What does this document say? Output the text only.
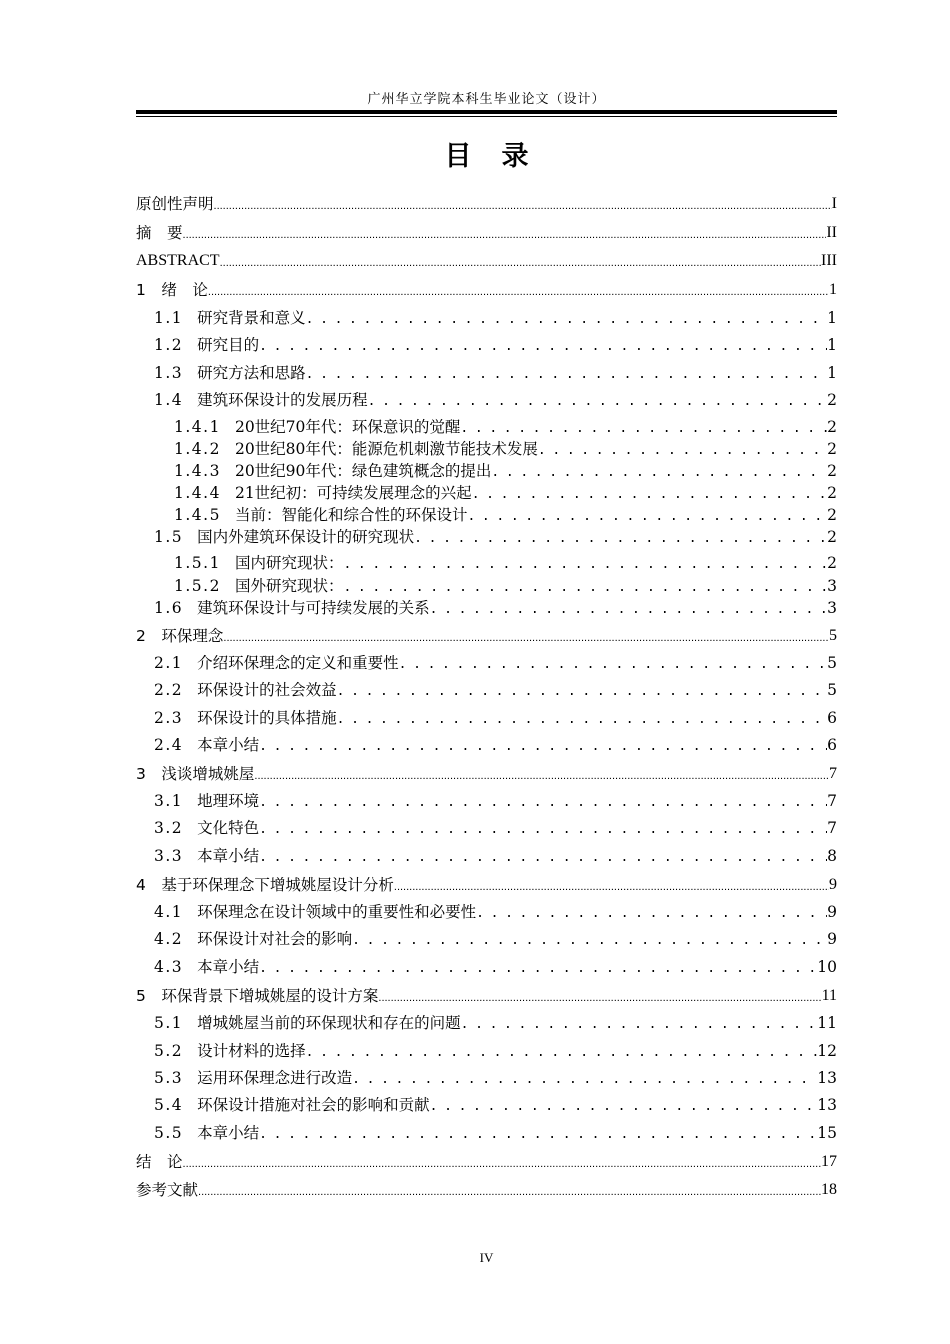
广州华立学院本科生毕业论文（设计）
目录
原创性声明 .....	I
摘　要 .....	II
ABSTRACT .....	III
1 绪　论 .....	1
1.1 研究背景和意义 . . .	1
1.2 研究目的 . . .	1
1.3 研究方法和思路 . . .	1
1.4 建筑环保设计的发展历程 . . .	2
1.4.1 20世纪70年代：环保意识的觉醒 . . .	2
1.4.2 20世纪80年代：能源危机刺激节能技术发展 . . .	2
1.4.3 20世纪90年代：绿色建筑概念的提出 . . .	2
1.4.4 21世纪初：可持续发展理念的兴起 . . .	2
1.4.5 当前：智能化和综合性的环保设计 . . .	2
1.5 国内外建筑环保设计的研究现状 . . .	2
1.5.1 国内研究现状： . . .	2
1.5.2 国外研究现状： . . .	3
1.6 建筑环保设计与可持续发展的关系 . . .	3
2 环保理念 .....	5
2.1 介绍环保理念的定义和重要性 . . .	5
2.2 环保设计的社会效益 . . .	5
2.3 环保设计的具体措施 . . .	6
2.4 本章小结 . . .	6
3 浅谈增城姚屋 .....	7
3.1 地理环境 . . .	7
3.2 文化特色 . . .	7
3.3 本章小结 . . .	8
4 基于环保理念下增城姚屋设计分析 .....	9
4.1 环保理念在设计领域中的重要性和必要性 . . .	9
4.2 环保设计对社会的影响 . . .	9
4.3 本章小结 . . .	10
5 环保背景下增城姚屋的设计方案 .....	11
5.1 增城姚屋当前的环保现状和存在的问题 . . .	11
5.2 设计材料的选择 . . .	12
5.3 运用环保理念进行改造 . . .	13
5.4 环保设计措施对社会的影响和贡献 . . .	13
5.5 本章小结 . . .	15
结　论 .....	17
参考文献 .....	18
IV
